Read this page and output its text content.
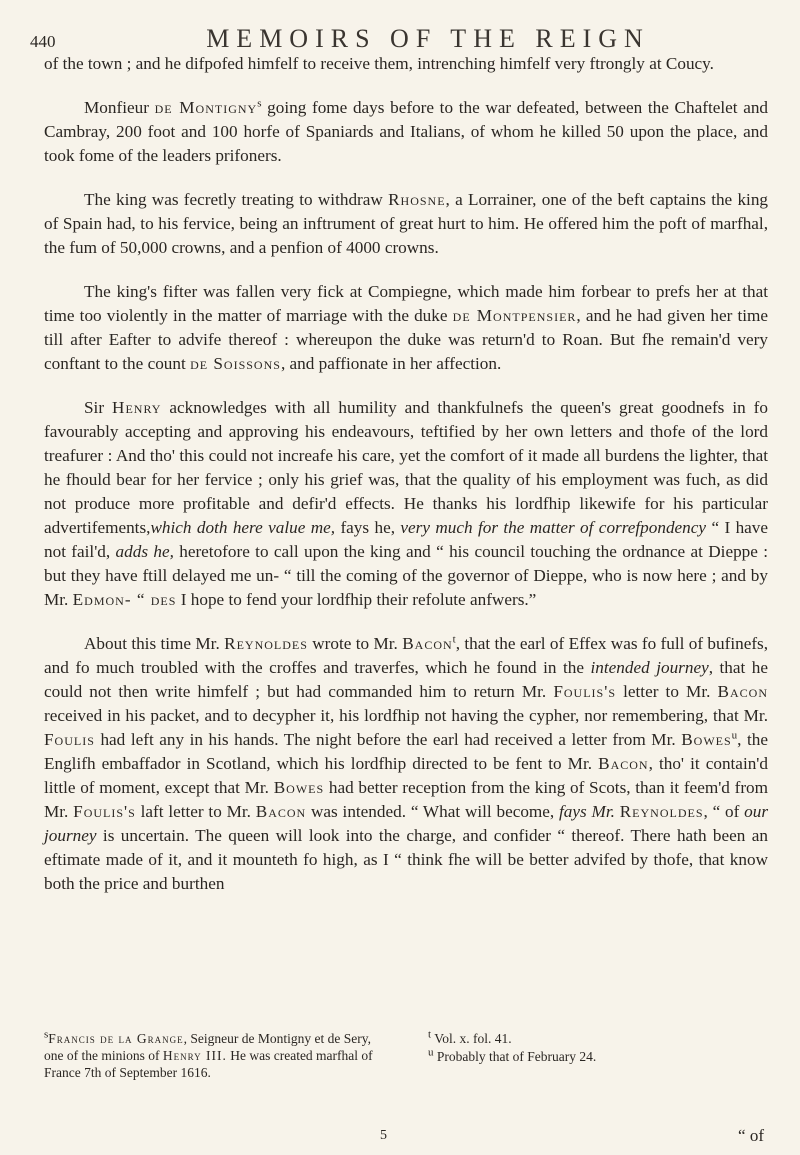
440	MEMOIRS OF THE REIGN

of the town ; and he difpofed himfelf to receive them, intrenching himfelf very ftrongly at Coucy.

Monfieur de Montigny$^s$ going fome days before to the war defeated, between the Chaftelet and Cambray, 200 foot and 100 horfe of Spaniards and Italians, of whom he killed 50 upon the place, and took fome of the leaders prifoners.

The king was fecretly treating to withdraw Rhosne, a Lorrainer, one of the beft captains the king of Spain had, to his fervice, being an inftrument of great hurt to him. He offered him the poft of marfhal, the fum of 50,000 crowns, and a penfion of 4000 crowns.

The king's fifter was fallen very fick at Compiegne, which made him forbear to prefs her at that time too violently in the matter of marriage with the duke de Montpensier, and he had given her time till after Eafter to advife thereof : whereupon the duke was return'd to Roan. But fhe remain'd very conftant to the count de Soissons, and paffionate in her affection.

Sir Henry acknowledges with all humility and thankfulnefs the queen's great goodnefs in fo favourably accepting and approving his endeavours, teftified by her own letters and thofe of the lord treafurer : And tho' this could not increafe his care, yet the comfort of it made all burdens the lighter, that he fhould bear for her fervice ; only his grief was, that the quality of his employment was fuch, as did not produce more profitable and defir'd effects. He thanks his lordfhip likewife for his particular advertifements,which doth here value me, fays he, very much for the matter of correfpondency “ I have not fail'd, adds he, heretofore to call upon the king and “ his council touching the ordnance at Dieppe : but they have ftill delayed me un- “ till the coming of the governor of Dieppe, who is now here ; and by Mr. Edmon- “ des I hope to fend your lordfhip their refolute anfwers.”

About this time Mr. Reynoldes wrote to Mr. Bacon$^t$, that the earl of Effex was fo full of bufinefs, and fo much troubled with the croffes and traverfes, which he found in the intended journey, that he could not then write himfelf ; but had commanded him to return Mr. Foulis's letter to Mr. Bacon received in his packet, and to decypher it, his lordfhip not having the cypher, nor remembering, that Mr. Foulis had left any in his hands. The night before the earl had received a letter from Mr. Bowes$^u$, the Englifh embaffador in Scotland, which his lordfhip directed to be fent to Mr. Bacon, tho' it contain'd little of moment, except that Mr. Bowes had better reception from the king of Scots, than it feem'd from Mr. Foulis's laft letter to Mr. Bacon was intended. “ What will become, fays Mr. Reynoldes, “ of our journey is uncertain. The queen will look into the charge, and confider “ thereof. There hath been an eftimate made of it, and it mounteth fo high, as I “ think fhe will be better advifed by thofe, that know both the price and burthen

$^s$Francis de la Grange, Seigneur de Montigny et de Sery, one of the minions of Henry III. He was created marfhal of France 7th of September 1616.
$^t$ Vol. x. fol. 41.
$^u$ Probably that of February 24.
5	“ of
